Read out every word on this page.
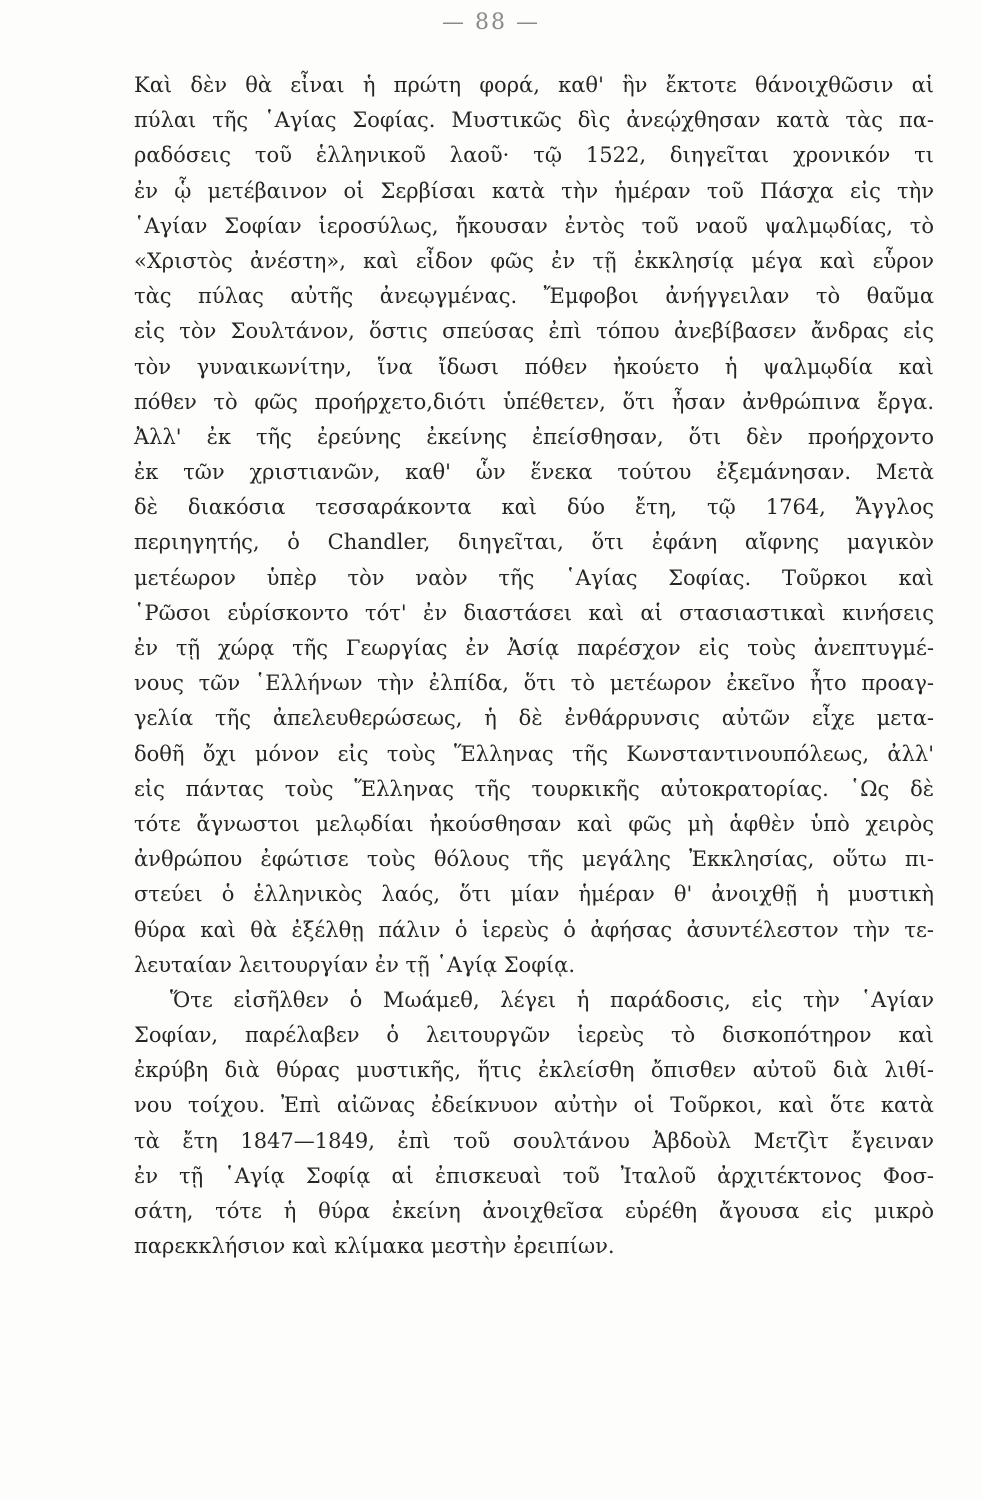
— 88 —
Καὶ δὲν θὰ εἶναι ἡ πρώτη φορά, καθ' ἣν ἔκτοτε θάνοιχθῶσιν αἱ
πύλαι τῆς ῾Αγίας Σοφίας. Μυστικῶς δὶς ἀνεῴχθησαν κατὰ τὰς πα-
ραδόσεις τοῦ ἑλληνικοῦ λαοῦ· τῷ 1522, διηγεῖται χρονικόν τι
ἐν ᾧ μετέβαινον οἱ Σερβίσαι κατὰ τὴν ἡμέραν τοῦ Πάσχα εἰς τὴν
῾Αγίαν Σοφίαν ἱεροσύλως, ἤκουσαν ἐντὸς τοῦ ναοῦ ψαλμῳδίας, τὸ
«Χριστὸς ἀνέστη», καὶ εἶδον φῶς ἐν τῇ ἐκκλησίᾳ μέγα καὶ εὗρον
τὰς πύλας αὐτῆς ἀνεῳγμένας. Ἔμφοβοι ἀνήγγειλαν τὸ θαῦμα
εἰς τὸν Σουλτάνον, ὅστις σπεύσας ἐπὶ τόπου ἀνεβίβασεν ἄνδρας εἰς
τὸν γυναικωνίτην, ἵνα ἴδωσι πόθεν ἠκούετο ἡ ψαλμῳδία καὶ
πόθεν τὸ φῶς προήρχετο,διότι ὑπέθετεν, ὅτι ἦσαν ἀνθρώπινα ἔργα.
Ἀλλ' ἐκ τῆς ἐρεύνης ἐκείνης ἐπείσθησαν, ὅτι δὲν προήρχοντο
ἐκ τῶν χριστιανῶν, καθ' ὧν ἕνεκα τούτου ἐξεμάνησαν. Μετὰ
δὲ διακόσια τεσσαράκοντα καὶ δύο ἔτη, τῷ 1764, Ἄγγλος
περιηγητής, ὁ Chandler, διηγεῖται, ὅτι ἐφάνη αἴφνης μαγικὸν
μετέωρον ὑπὲρ τὸν ναὸν τῆς ῾Αγίας Σοφίας. Τοῦρκοι καὶ
῾Ρῶσοι εὑρίσκοντο τότ' ἐν διαστάσει καὶ αἱ στασιαστικαὶ κινήσεις
ἐν τῇ χώρᾳ τῆς Γεωργίας ἐν Ἀσίᾳ παρέσχον εἰς τοὺς ἀνεπτυγμέ-
νους τῶν ῾Ελλήνων τὴν ἐλπίδα, ὅτι τὸ μετέωρον ἐκεῖνο ἦτο προαγ-
γελία τῆς ἀπελευθερώσεως, ἡ δὲ ἐνθάρρυνσις αὐτῶν εἶχε μετα-
δοθῆ ὄχι μόνον εἰς τοὺς Ἕλληνας τῆς Κωνσταντινουπόλεως, ἀλλ'
εἰς πάντας τοὺς Ἕλληνας τῆς τουρκικῆς αὐτοκρατορίας. ῾Ως δὲ
τότε ἄγνωστοι μελῳδίαι ἠκούσθησαν καὶ φῶς μὴ ἁφθὲν ὑπὸ χειρὸς
ἀνθρώπου ἐφώτισε τοὺς θόλους τῆς μεγάλης Ἐκκλησίας, οὕτω πι-
στεύει ὁ ἑλληνικὸς λαός, ὅτι μίαν ἡμέραν θ' ἀνοιχθῇ ἡ μυστικὴ
θύρα καὶ θὰ ἐξέλθῃ πάλιν ὁ ἱερεὺς ὁ ἀφήσας ἀσυντέλεστον τὴν τε-
λευταίαν λειτουργίαν ἐν τῇ ῾Αγίᾳ Σοφίᾳ.
Ὅτε εἰσῆλθεν ὁ Μωάμεθ, λέγει ἡ παράδοσις, εἰς τὴν ῾Αγίαν
Σοφίαν, παρέλαβεν ὁ λειτουργῶν ἱερεὺς τὸ δισκοπότηρον καὶ
ἐκρύβη διὰ θύρας μυστικῆς, ἥτις ἐκλείσθη ὄπισθεν αὐτοῦ διὰ λιθί-
νου τοίχου. Ἐπὶ αἰῶνας ἐδείκνυον αὐτὴν οἱ Τοῦρκοι, καὶ ὅτε κατὰ
τὰ ἔτη 1847—1849, ἐπὶ τοῦ σουλτάνου Ἀβδοὺλ Μετζὶτ ἔγειναν
ἐν τῇ ῾Αγίᾳ Σοφίᾳ αἱ ἐπισκευαὶ τοῦ Ἰταλοῦ ἀρχιτέκτονος Φοσ-
σάτη, τότε ἡ θύρα ἐκείνη ἀνοιχθεῖσα εὑρέθη ἄγουσα εἰς μικρὸ
παρεκκλήσιον καὶ κλίμακα μεστὴν ἐρειπίων.
